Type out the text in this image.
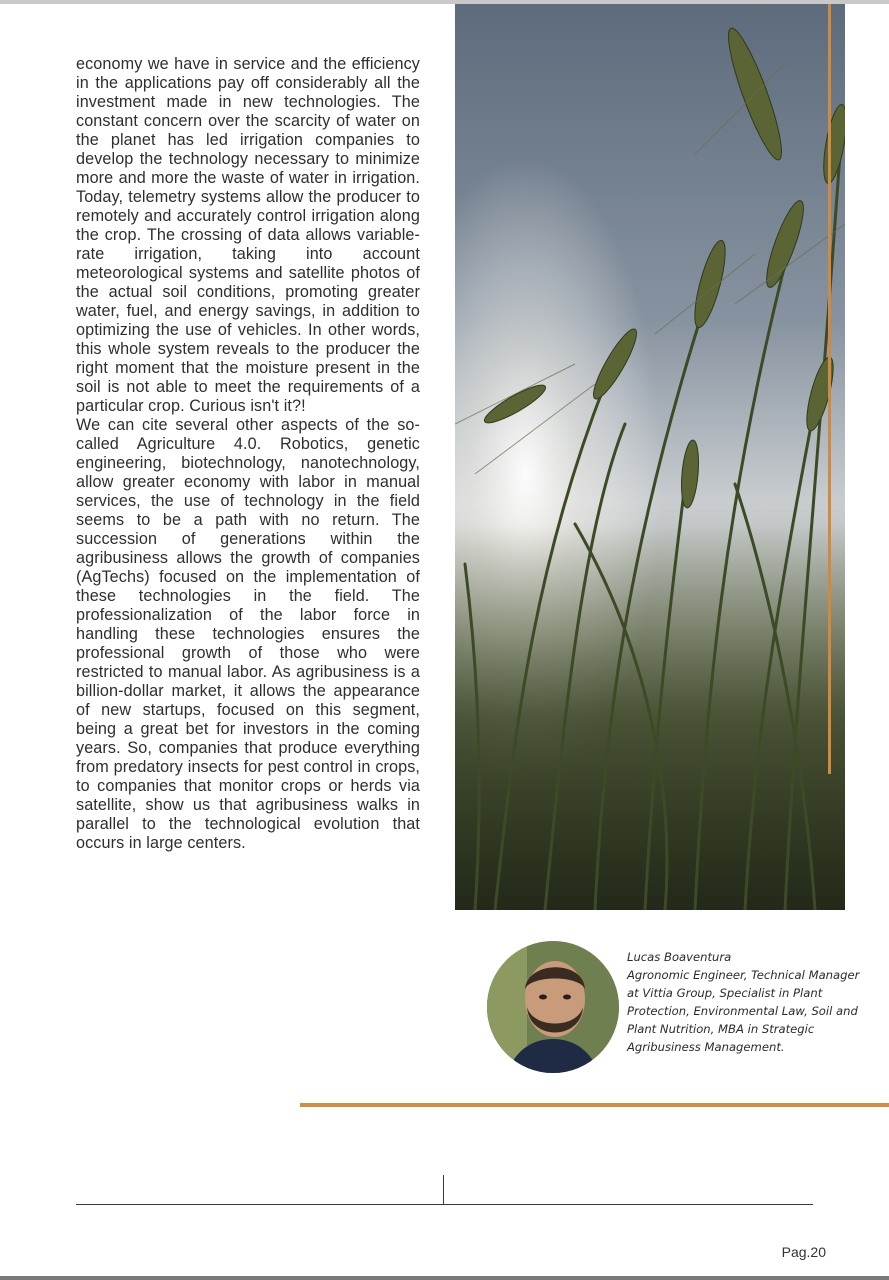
economy we have in service and the efficiency in the applications pay off considerably all the investment made in new technologies. The constant concern over the scarcity of water on the planet has led irrigation companies to develop the technology necessary to minimize more and more the waste of water in irrigation. Today, telemetry systems allow the producer to remotely and accurately control irrigation along the crop. The crossing of data allows variable-rate irrigation, taking into account meteorological systems and satellite photos of the actual soil conditions, promoting greater water, fuel, and energy savings, in addition to optimizing the use of vehicles. In other words, this whole system reveals to the producer the right moment that the moisture present in the soil is not able to meet the requirements of a particular crop. Curious isn't it?!

We can cite several other aspects of the so-called Agriculture 4.0. Robotics, genetic engineering, biotechnology, nanotechnology, allow greater economy with labor in manual services, the use of technology in the field seems to be a path with no return. The succession of generations within the agribusiness allows the growth of companies (AgTechs) focused on the implementation of these technologies in the field. The professionalization of the labor force in handling these technologies ensures the professional growth of those who were restricted to manual labor. As agribusiness is a billion-dollar market, it allows the appearance of new startups, focused on this segment, being a great bet for investors in the coming years. So, companies that produce everything from predatory insects for pest control in crops, to companies that monitor crops or herds via satellite, show us that agribusiness walks in parallel to the technological evolution that occurs in large centers.

Lucas Boaventura

Agronomic Engineer, Technical Manager

at Vittia Group, Specialist in Plant

Protection, Environmental Law, Soil and

Plant Nutrition, MBA in Strategic

Agribusiness Management.

Pag.20
